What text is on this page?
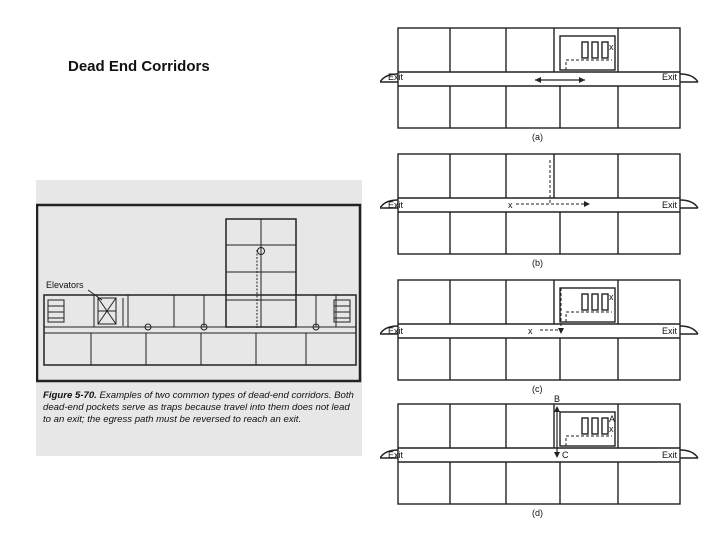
Dead End Corridors
Elevators
Figure 5-70. Examples of two common types of dead-end corridors. Both dead-end pockets serve as traps because travel into them does not lead to an exit; the egress path must be reversed to reach an exit.
Exit	Exit
x
(a)
Exit	Exit
x
(b)
Exit	Exit
x
x
(c)
Exit	Exit
B
C
A
x
(d)
